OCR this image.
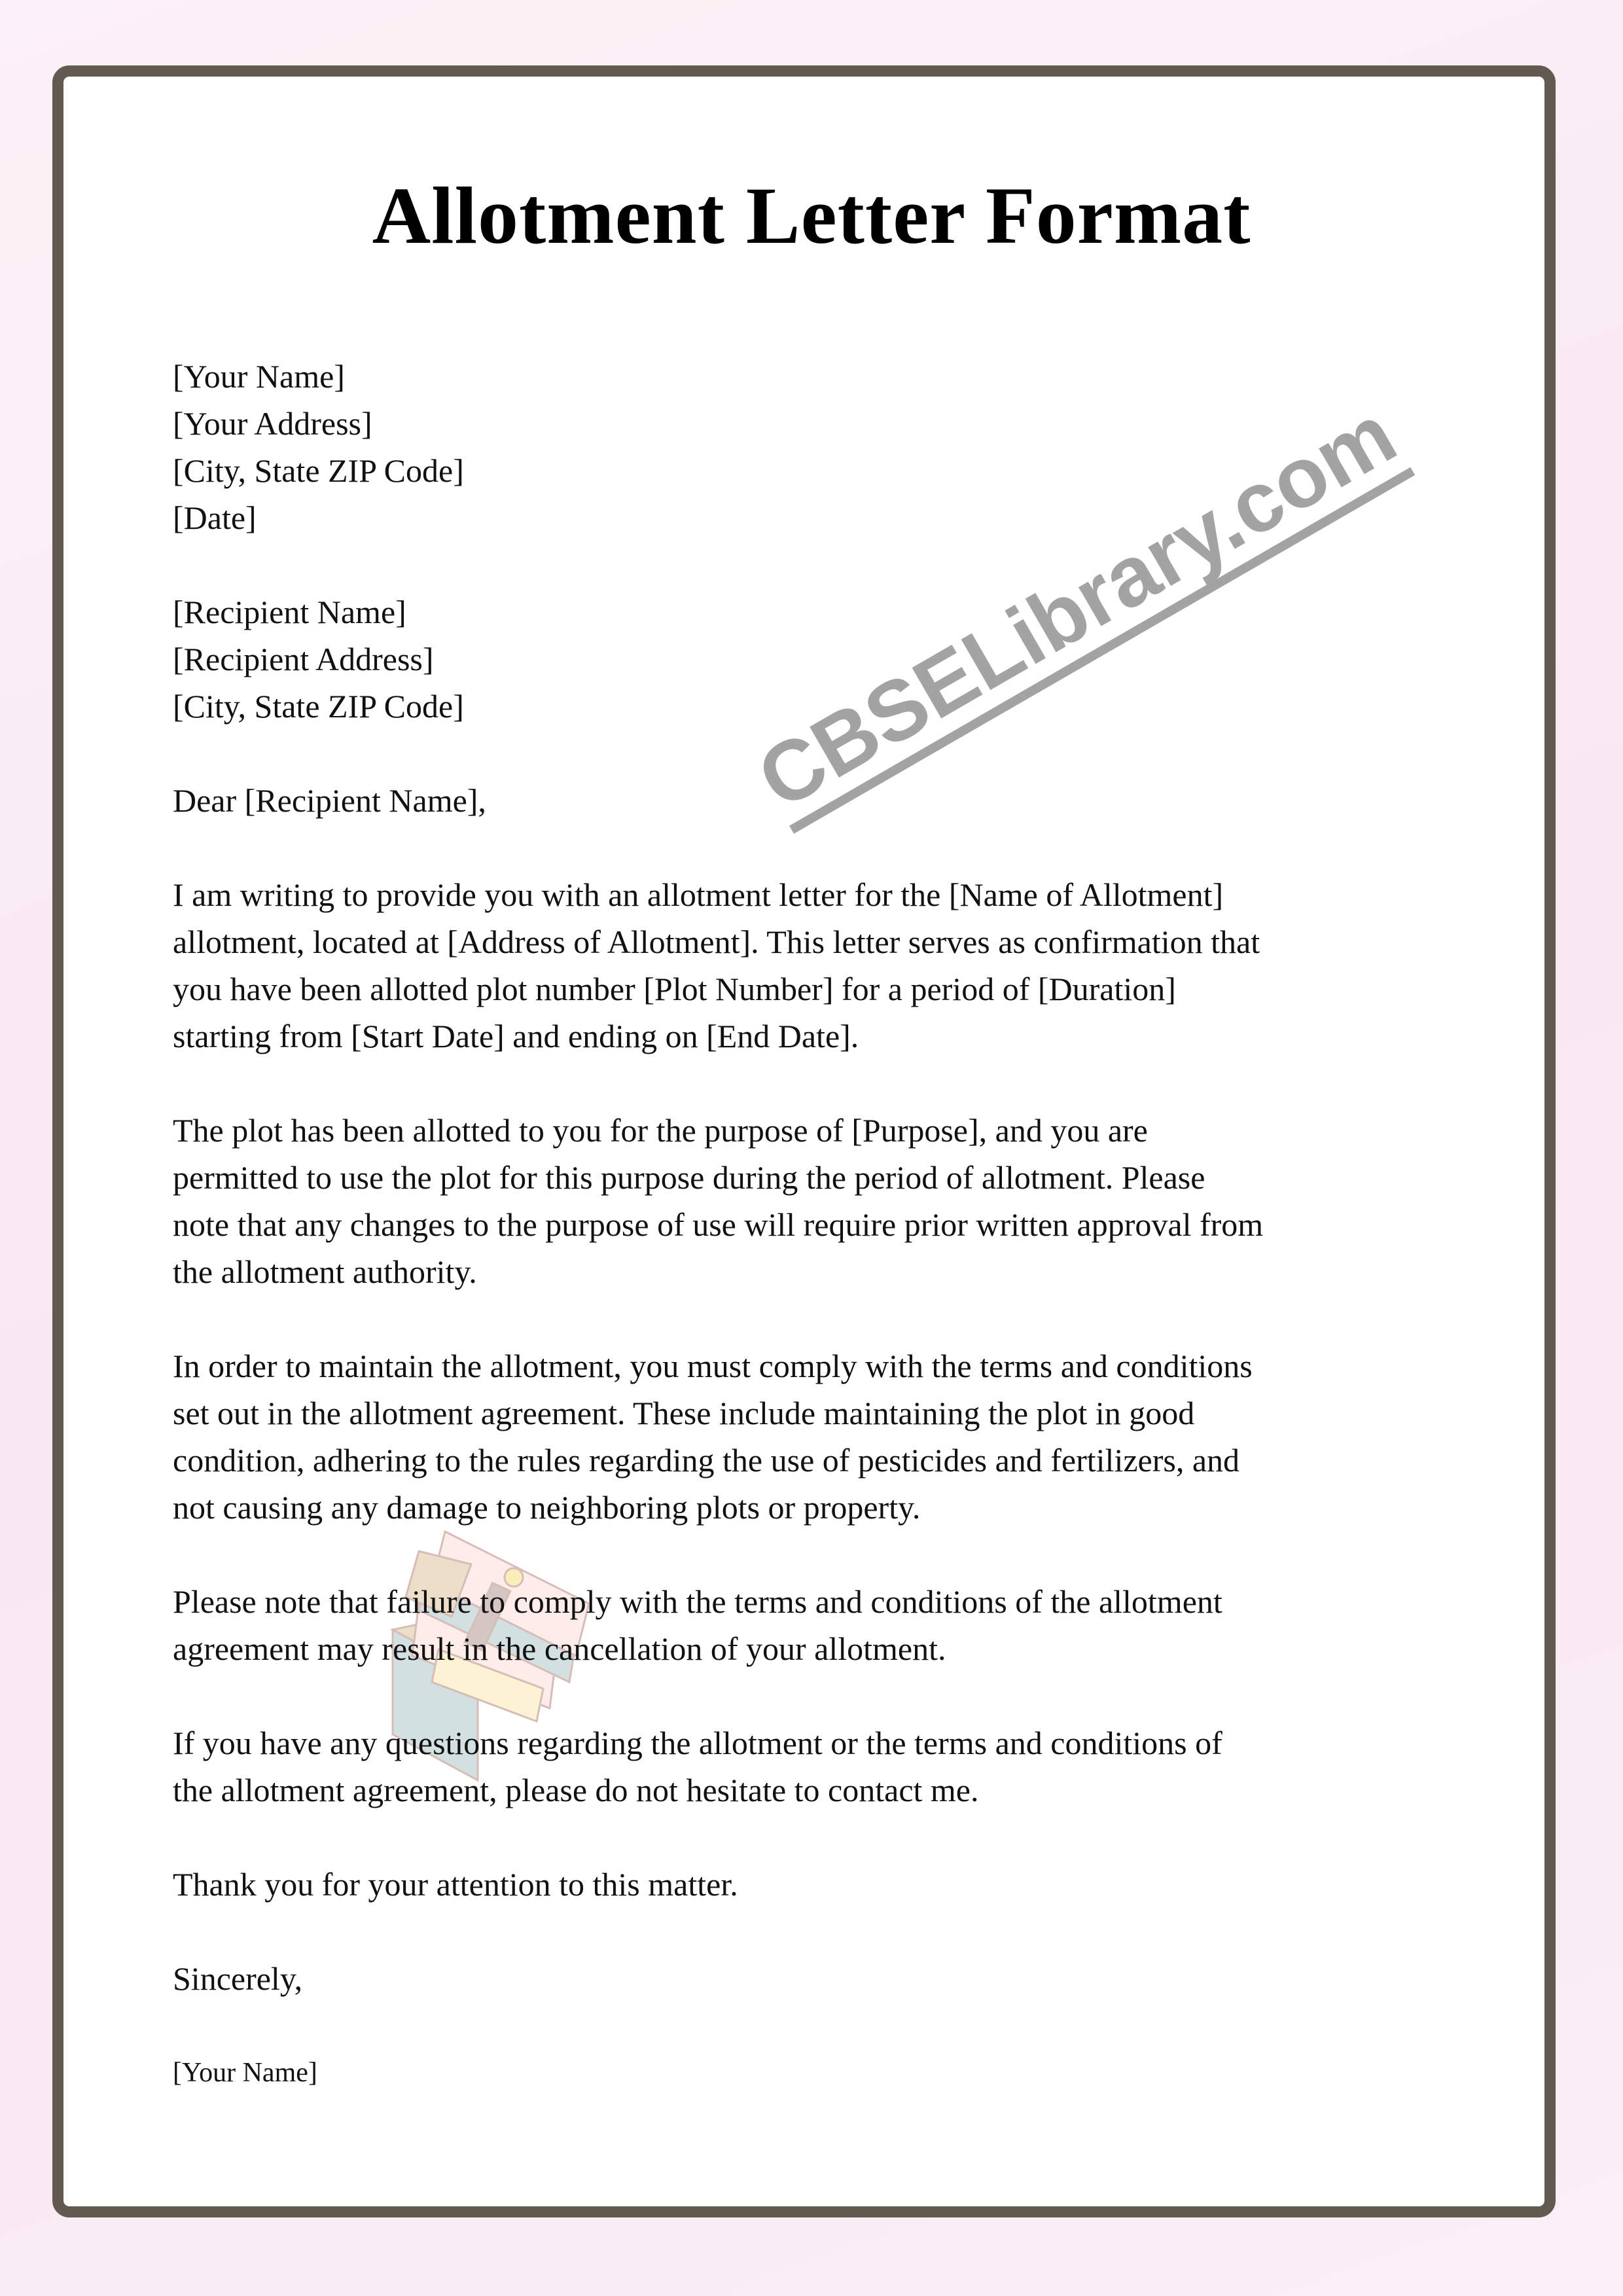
Allotment Letter Format
[Your Name]
[Your Address]
[City, State ZIP Code]
[Date]
[Recipient Name]
[Recipient Address]
[City, State ZIP Code]
Dear [Recipient Name],
I am writing to provide you with an allotment letter for the [Name of Allotment]
allotment, located at [Address of Allotment]. This letter serves as confirmation that
you have been allotted plot number [Plot Number] for a period of [Duration]
starting from [Start Date] and ending on [End Date].
The plot has been allotted to you for the purpose of [Purpose], and you are
permitted to use the plot for this purpose during the period of allotment. Please
note that any changes to the purpose of use will require prior written approval from
the allotment authority.
In order to maintain the allotment, you must comply with the terms and conditions
set out in the allotment agreement. These include maintaining the plot in good
condition, adhering to the rules regarding the use of pesticides and fertilizers, and
not causing any damage to neighboring plots or property.
Please note that failure to comply with the terms and conditions of the allotment
agreement may result in the cancellation of your allotment.
If you have any questions regarding the allotment or the terms and conditions of
the allotment agreement, please do not hesitate to contact me.
Thank you for your attention to this matter.
Sincerely,
[Your Name]
CBSELibrary.com
